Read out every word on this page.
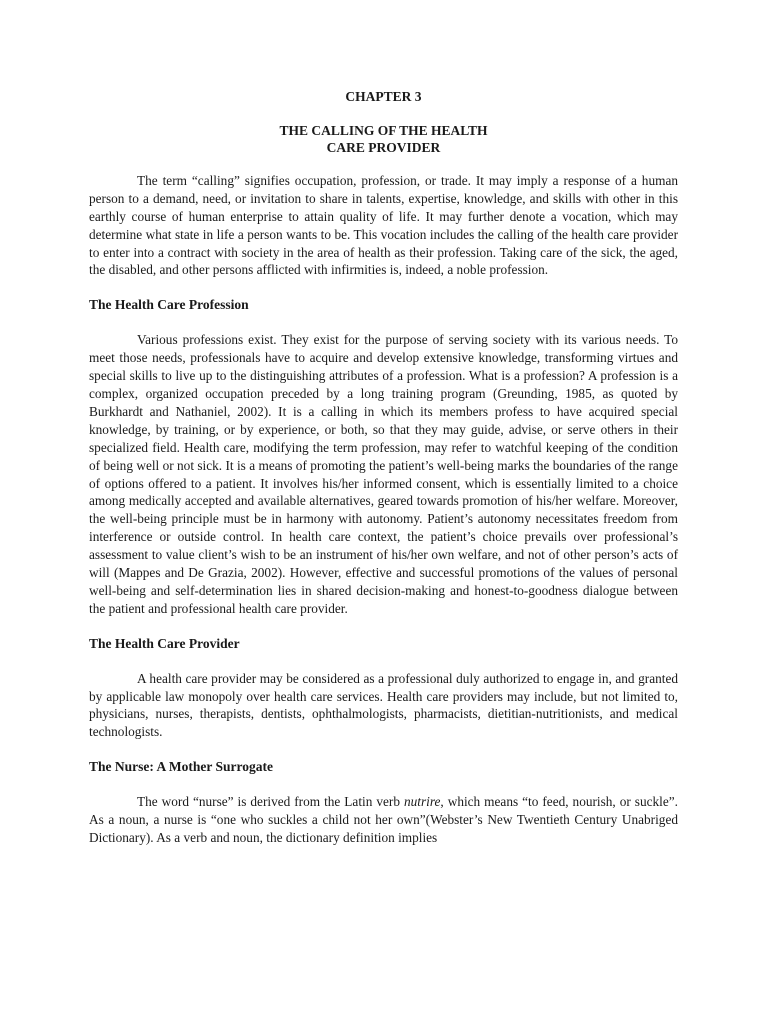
CHAPTER 3
THE CALLING OF THE HEALTH
CARE PROVIDER

The term “calling” signifies occupation, profession, or trade. It may imply a response of a human person to a demand, need, or invitation to share in talents, expertise, knowledge, and skills with other in this earthly course of human enterprise to attain quality of life. It may further denote a vocation, which may determine what state in life a person wants to be. This vocation includes the calling of the health care provider to enter into a contract with society in the area of health as their profession. Taking care of the sick, the aged, the disabled, and other persons afflicted with infirmities is, indeed, a noble profession.

The Health Care Profession

Various professions exist. They exist for the purpose of serving society with its various needs. To meet those needs, professionals have to acquire and develop extensive knowledge, transforming virtues and special skills to live up to the distinguishing attributes of a profession. What is a profession? A profession is a complex, organized occupation preceded by a long training program (Greunding, 1985, as quoted by Burkhardt and Nathaniel, 2002). It is a calling in which its members profess to have acquired special knowledge, by training, or by experience, or both, so that they may guide, advise, or serve others in their specialized field. Health care, modifying the term profession, may refer to watchful keeping of the condition of being well or not sick. It is a means of promoting the patient’s well-being marks the boundaries of the range of options offered to a patient. It involves his/her informed consent, which is essentially limited to a choice among medically accepted and available alternatives, geared towards promotion of his/her welfare. Moreover, the well-being principle must be in harmony with autonomy. Patient’s autonomy necessitates freedom from interference or outside control. In health care context, the patient’s choice prevails over professional’s assessment to value client’s wish to be an instrument of his/her own welfare, and not of other person’s acts of will (Mappes and De Grazia, 2002). However, effective and successful promotions of the values of personal well-being and self-determination lies in shared decision-making and honest-to-goodness dialogue between the patient and professional health care provider.

The Health Care Provider

A health care provider may be considered as a professional duly authorized to engage in, and granted by applicable law monopoly over health care services. Health care providers may include, but not limited to, physicians, nurses, therapists, dentists, ophthalmologists, pharmacists, dietitian-nutritionists, and medical technologists.

The Nurse: A Mother Surrogate

The word “nurse” is derived from the Latin verb nutrire, which means “to feed, nourish, or suckle”. As a noun, a nurse is “one who suckles a child not her own”(Webster’s New Twentieth Century Unabriged Dictionary). As a verb and noun, the dictionary definition implies
